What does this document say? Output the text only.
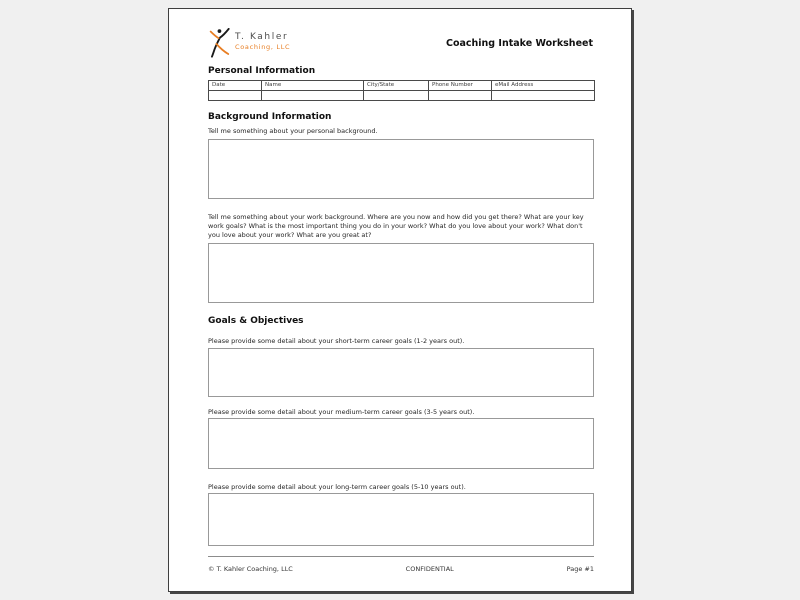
T. Kahler
Coaching, LLC	Coaching Intake Worksheet
Personal Information
Date	Name	City/State	Phone Number	eMail Address

Background Information
Tell me something about your personal background.
Tell me something about your work background. Where are you now and how did you get there? What are your key work goals? What is the most important thing you do in your work? What do you love about your work? What don't you love about your work? What are you great at?
Goals & Objectives
Please provide some detail about your short-term career goals (1-2 years out).
Please provide some detail about your medium-term career goals (3-5 years out).
Please provide some detail about your long-term career goals (5-10 years out).
© T. Kahler Coaching, LLC	CONFIDENTIAL	Page #1
